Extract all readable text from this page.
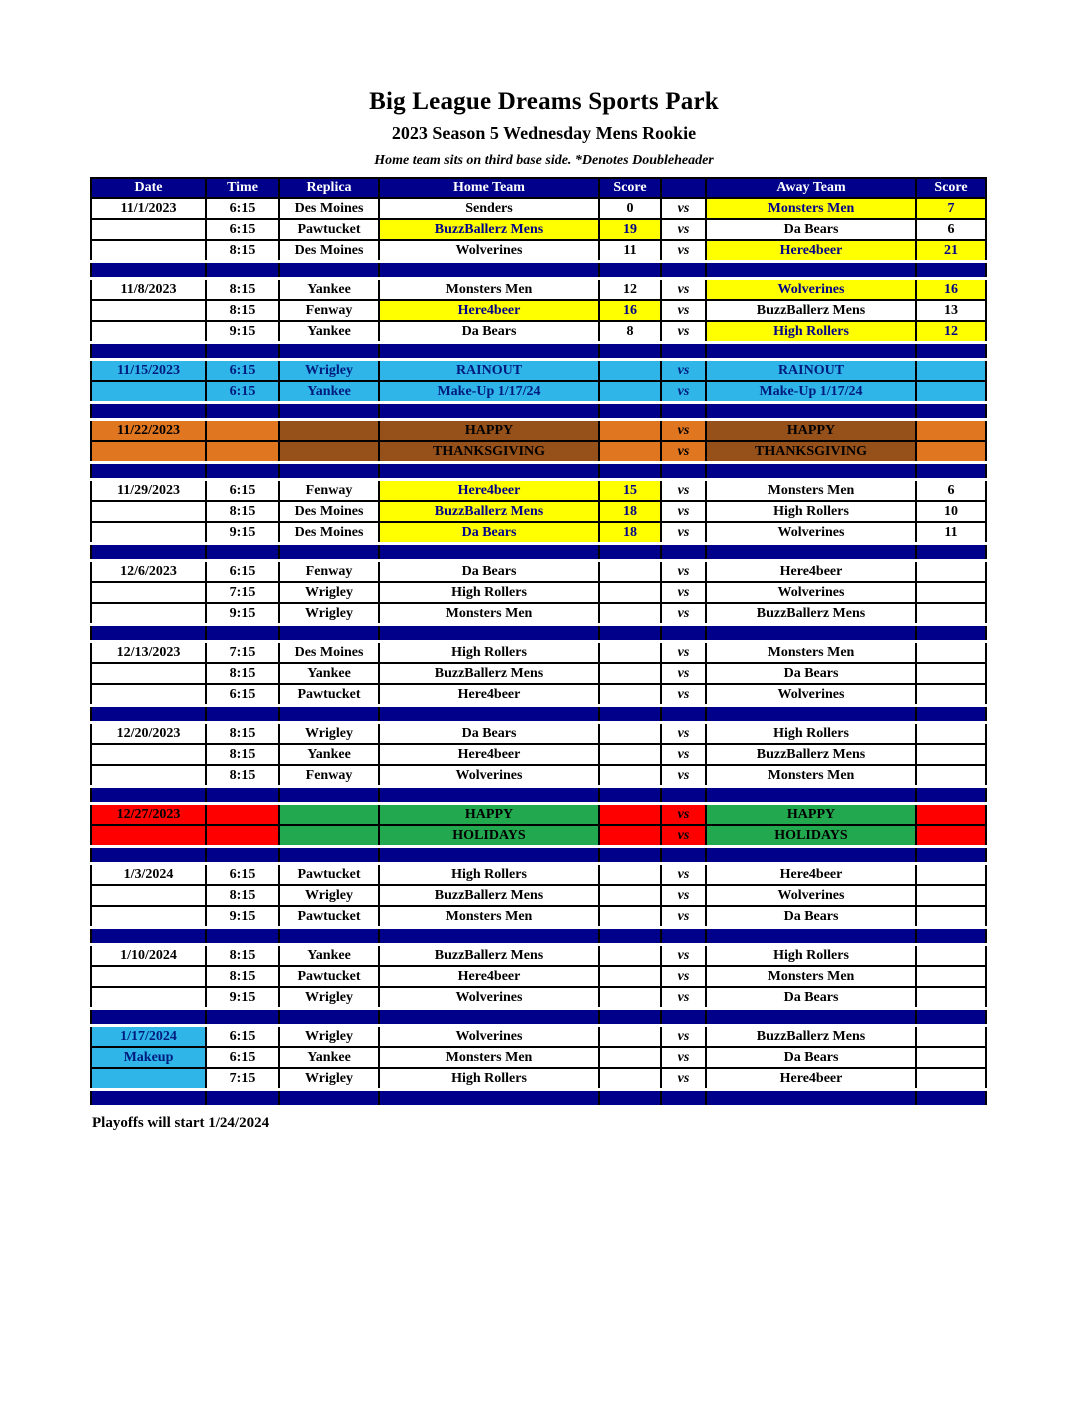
Big League Dreams Sports Park
2023 Season 5 Wednesday Mens Rookie
Home team sits on third base side. *Denotes Doubleheader
Date	Time	Replica	Home Team	Score		Away Team	Score
11/1/2023	6:15	Des Moines	Senders	0	vs	Monsters Men	7
	6:15	Pawtucket	BuzzBallerz Mens	19	vs	Da Bears	6
	8:15	Des Moines	Wolverines	11	vs	Here4beer	21

11/8/2023	8:15	Yankee	Monsters Men	12	vs	Wolverines	16
	8:15	Fenway	Here4beer	16	vs	BuzzBallerz Mens	13
	9:15	Yankee	Da Bears	8	vs	High Rollers	12

11/15/2023	6:15	Wrigley	RAINOUT		vs	RAINOUT	
	6:15	Yankee	Make-Up 1/17/24		vs	Make-Up 1/17/24	

11/22/2023			HAPPY		vs	HAPPY	
			THANKSGIVING		vs	THANKSGIVING	

11/29/2023	6:15	Fenway	Here4beer	15	vs	Monsters Men	6
	8:15	Des Moines	BuzzBallerz Mens	18	vs	High Rollers	10
	9:15	Des Moines	Da Bears	18	vs	Wolverines	11

12/6/2023	6:15	Fenway	Da Bears		vs	Here4beer	
	7:15	Wrigley	High Rollers		vs	Wolverines	
	9:15	Wrigley	Monsters Men		vs	BuzzBallerz Mens	

12/13/2023	7:15	Des Moines	High Rollers		vs	Monsters Men	
	8:15	Yankee	BuzzBallerz Mens		vs	Da Bears	
	6:15	Pawtucket	Here4beer		vs	Wolverines	

12/20/2023	8:15	Wrigley	Da Bears		vs	High Rollers	
	8:15	Yankee	Here4beer		vs	BuzzBallerz Mens	
	8:15	Fenway	Wolverines		vs	Monsters Men	

12/27/2023			HAPPY		vs	HAPPY	
			HOLIDAYS		vs	HOLIDAYS	

1/3/2024	6:15	Pawtucket	High Rollers		vs	Here4beer	
	8:15	Wrigley	BuzzBallerz Mens		vs	Wolverines	
	9:15	Pawtucket	Monsters Men		vs	Da Bears	

1/10/2024	8:15	Yankee	BuzzBallerz Mens		vs	High Rollers	
	8:15	Pawtucket	Here4beer		vs	Monsters Men	
	9:15	Wrigley	Wolverines		vs	Da Bears	

1/17/2024	6:15	Wrigley	Wolverines		vs	BuzzBallerz Mens	
Makeup	6:15	Yankee	Monsters Men		vs	Da Bears	
	7:15	Wrigley	High Rollers		vs	Here4beer	

Playoffs will start 1/24/2024
